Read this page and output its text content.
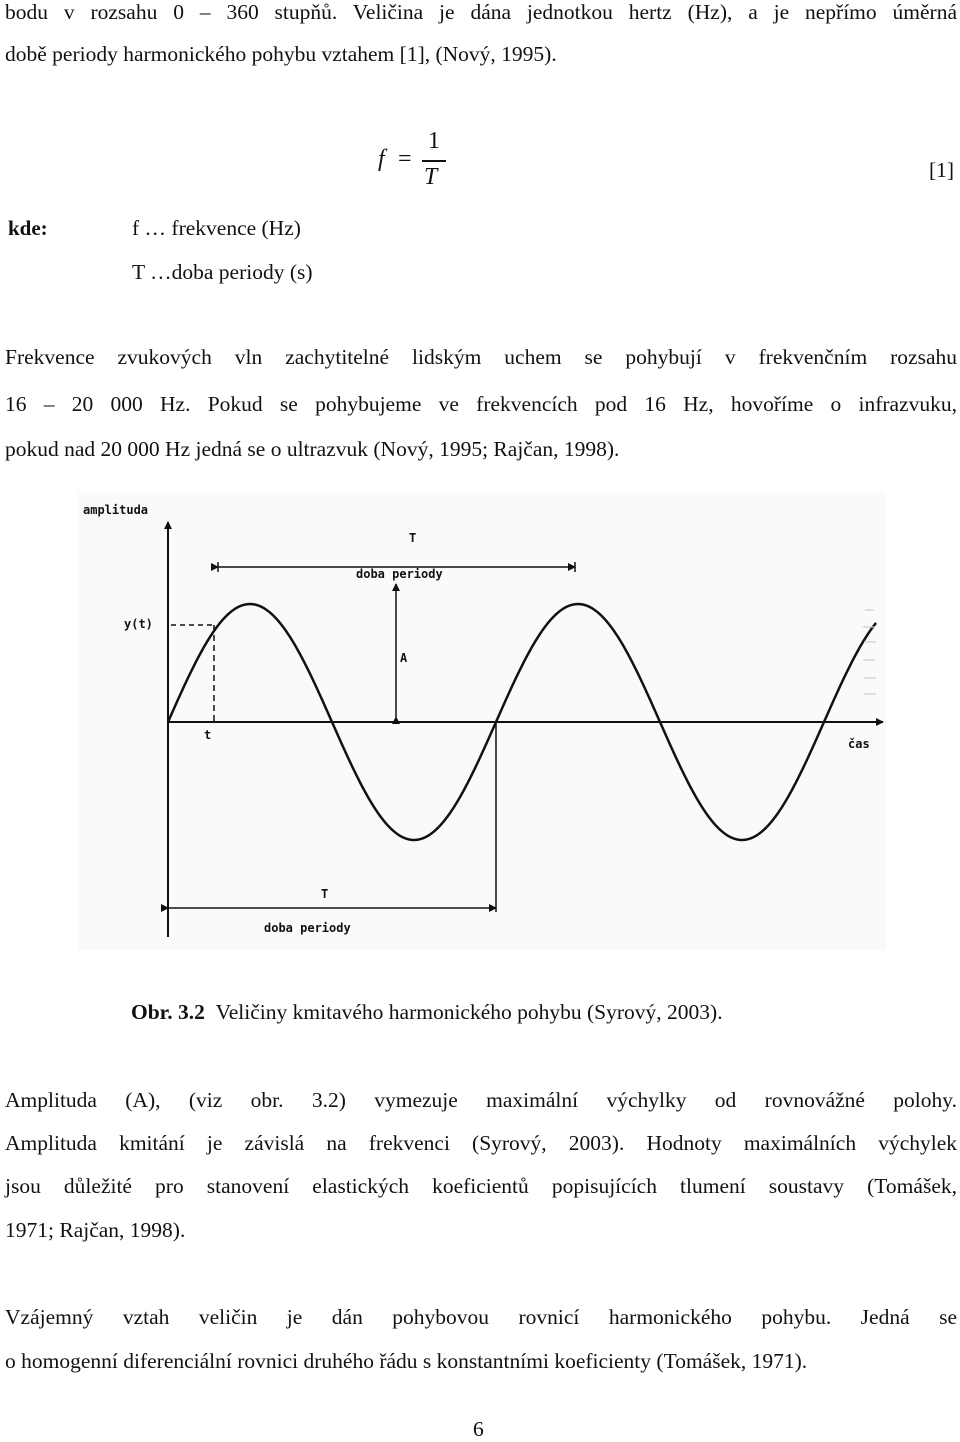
bodu v rozsahu 0 – 360 stupňů. Veličina je dána jednotkou hertz (Hz), a je nepřímo úměrná
době periody harmonického pohybu vztahem [1], (Nový, 1995).
f =
1
T	[1]
kde:	f … frekvence (Hz)
T …doba periody (s)
Frekvence zvukových vln zachytitelné lidským uchem se pohybují v frekvenčním rozsahu
16 – 20 000 Hz. Pokud se pohybujeme ve frekvencích pod 16 Hz, hovoříme o infrazvuku,
pokud nad 20 000 Hz jedná se o ultrazvuk (Nový, 1995; Rajčan, 1998).
amplituda
čas
T
doba periody
A
y(t)
t
T
doba periody
Obr. 3.2 Veličiny kmitavého harmonického pohybu (Syrový, 2003).
Amplituda (A), (viz obr. 3.2) vymezuje maximální výchylky od rovnovážné polohy.
Amplituda kmitání je závislá na frekvenci (Syrový, 2003). Hodnoty maximálních výchylek
jsou důležité pro stanovení elastických koeficientů popisujících tlumení soustavy (Tomášek,
1971; Rajčan, 1998).
Vzájemný vztah veličin je dán pohybovou rovnicí harmonického pohybu. Jedná se
o homogenní diferenciální rovnici druhého řádu s konstantními koeficienty (Tomášek, 1971).
6
